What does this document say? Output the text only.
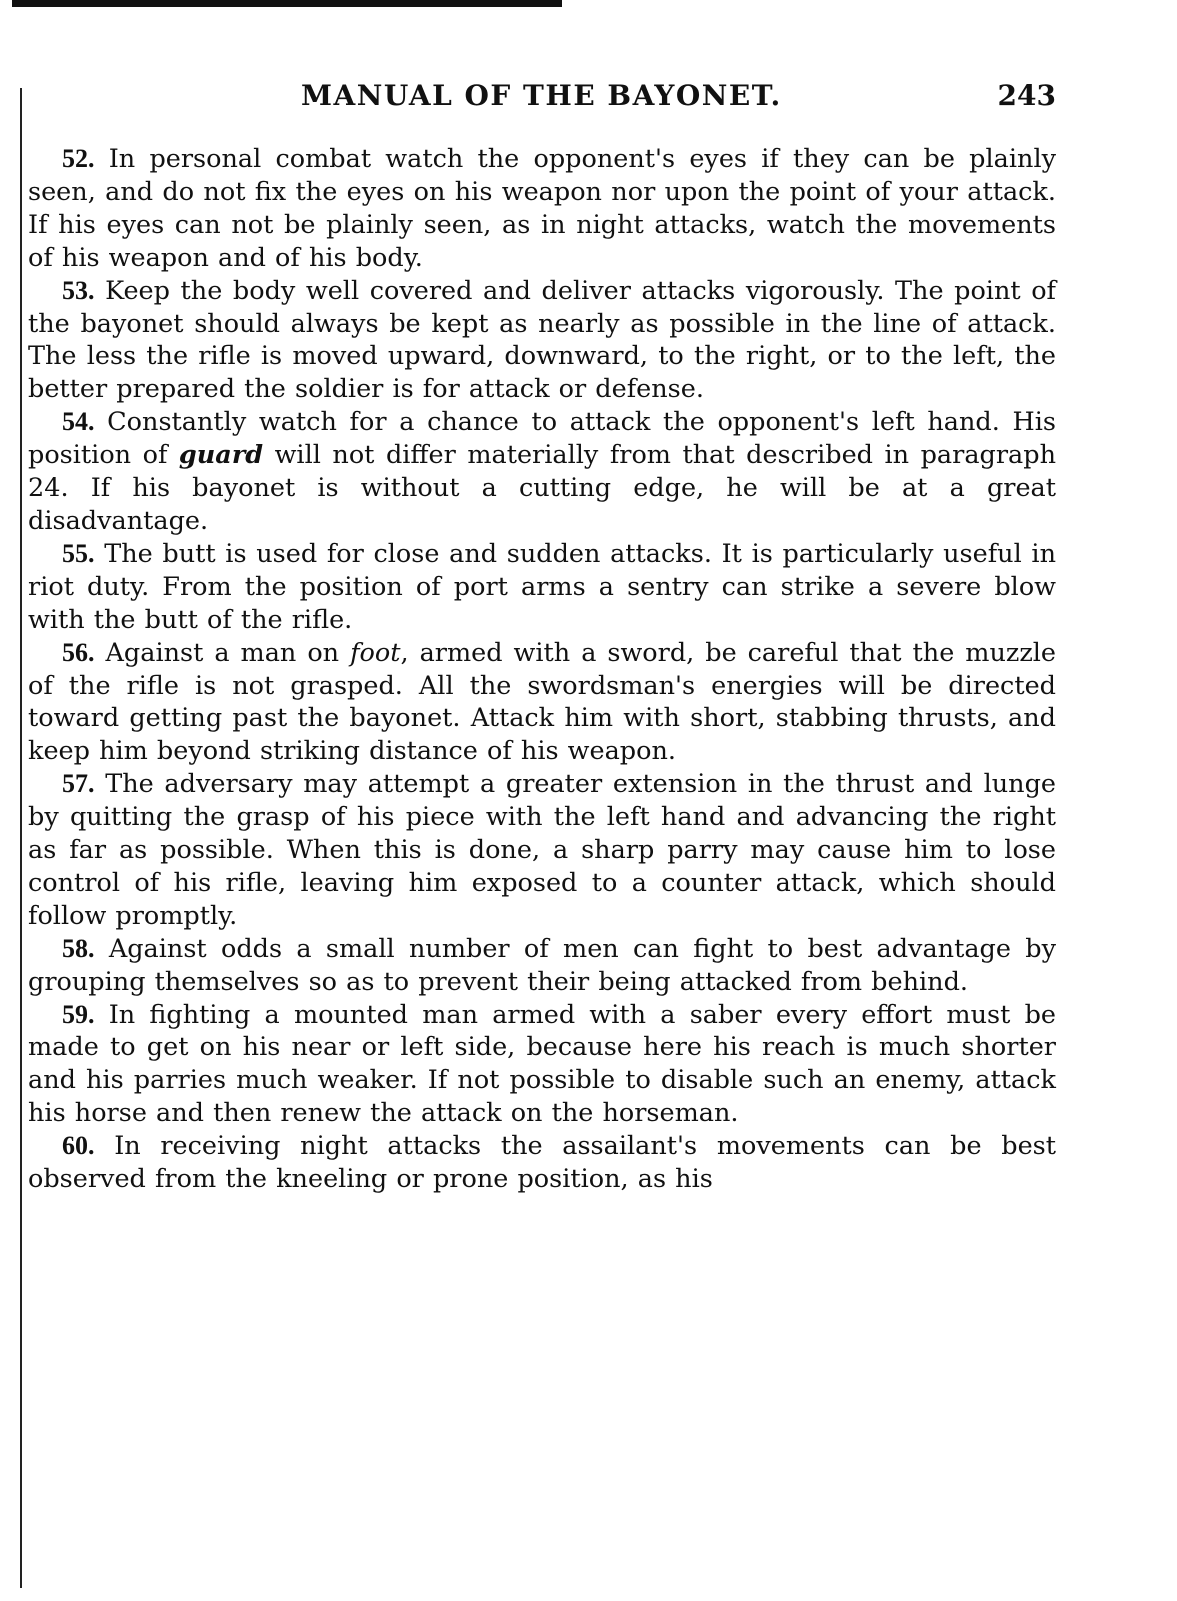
MANUAL OF THE BAYONET.	243

52. In personal combat watch the opponent's eyes if they can be plainly seen, and do not fix the eyes on his weapon nor upon the point of your attack. If his eyes can not be plainly seen, as in night attacks, watch the movements of his weapon and of his body.

53. Keep the body well covered and deliver attacks vigorously. The point of the bayonet should always be kept as nearly as possible in the line of attack. The less the rifle is moved upward, downward, to the right, or to the left, the better prepared the soldier is for attack or defense.

54. Constantly watch for a chance to attack the opponent's left hand. His position of guard will not differ materially from that described in paragraph 24. If his bayonet is without a cutting edge, he will be at a great disadvantage.

55. The butt is used for close and sudden attacks. It is particularly useful in riot duty. From the position of port arms a sentry can strike a severe blow with the butt of the rifle.

56. Against a man on foot, armed with a sword, be careful that the muzzle of the rifle is not grasped. All the swordsman's energies will be directed toward getting past the bayonet. Attack him with short, stabbing thrusts, and keep him beyond striking distance of his weapon.

57. The adversary may attempt a greater extension in the thrust and lunge by quitting the grasp of his piece with the left hand and advancing the right as far as possible. When this is done, a sharp parry may cause him to lose control of his rifle, leaving him exposed to a counter attack, which should follow promptly.

58. Against odds a small number of men can fight to best advantage by grouping themselves so as to prevent their being attacked from behind.

59. In fighting a mounted man armed with a saber every effort must be made to get on his near or left side, because here his reach is much shorter and his parries much weaker. If not possible to disable such an enemy, attack his horse and then renew the attack on the horseman.

60. In receiving night attacks the assailant's movements can be best observed from the kneeling or prone position, as his
